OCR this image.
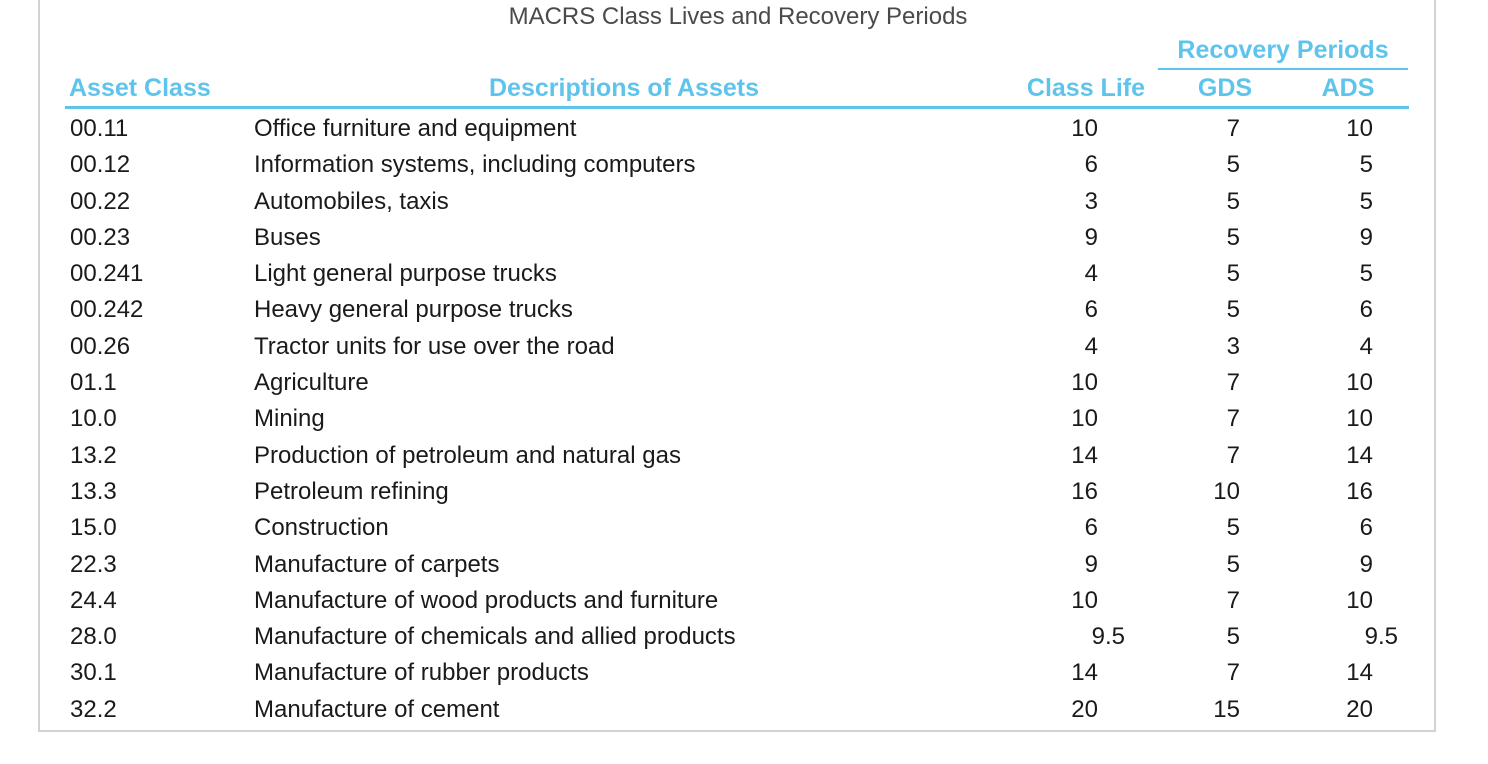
MACRS Class Lives and Recovery Periods
Recovery Periods
Asset Class	Descriptions of Assets	Class Life	GDS	ADS
00.11	Office furniture and equipment	10	7	10
00.12	Information systems, including computers	6	5	5
00.22	Automobiles, taxis	3	5	5
00.23	Buses	9	5	9
00.241	Light general purpose trucks	4	5	5
00.242	Heavy general purpose trucks	6	5	6
00.26	Tractor units for use over the road	4	3	4
01.1	Agriculture	10	7	10
10.0	Mining	10	7	10
13.2	Production of petroleum and natural gas	14	7	14
13.3	Petroleum refining	16	10	16
15.0	Construction	6	5	6
22.3	Manufacture of carpets	9	5	9
24.4	Manufacture of wood products and furniture	10	7	10
28.0	Manufacture of chemicals and allied products	9.5	5	9.5
30.1	Manufacture of rubber products	14	7	14
32.2	Manufacture of cement	20	15	20
